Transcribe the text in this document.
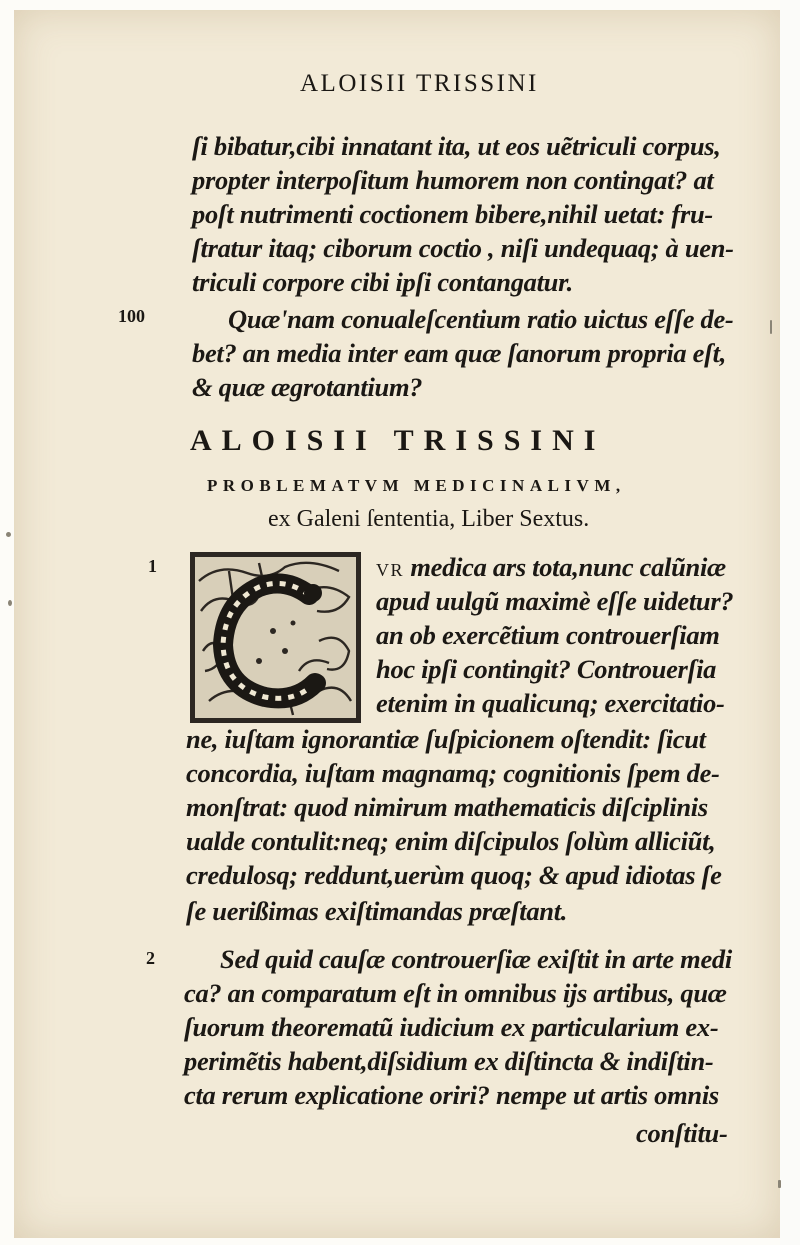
ALOISII TRISSINI
ſi bibatur,cibi innatant ita, ut eos uẽtriculi corpus,
propter interpoſitum humorem non contingat? at
poſt nutrimenti coctionem bibere,nihil uetat: fru-
ſtratur itaq; ciborum coctio , niſi undequaq; à uen-
triculi corpore cibi ipſi contangatur.
100	Quæ'nam conualeſcentium ratio uictus eſſe de-
bet? an media inter eam quæ ſanorum propria eſt,
& quæ ægrotantium?
ALOISII TRISSINI
PROBLEMATVM MEDICINALIVM,
ex Galeni ſententia, Liber Sextus.
1	VR medica ars tota,nunc calũniæ
apud uulgũ maximè eſſe uidetur?
an ob exercẽtium controuerſiam
hoc ipſi contingit? Controuerſia
etenim in qualicunq; exercitatio-
ne, iuſtam ignorantiæ ſuſpicionem oſtendit: ſicut
concordia, iuſtam magnamq; cognitionis ſpem de-
monſtrat: quod nimirum mathematicis diſciplinis
ualde contulit:neq; enim diſcipulos ſolùm alliciũt,
credulosq; reddunt,uerùm quoq; & apud idiotas ſe
ſe uerißimas exiſtimandas præſtant.
2 Sed quid cauſæ controuerſiæ exiſtit in arte medi
ca? an comparatum eſt in omnibus ijs artibus, quæ
ſuorum theorematũ iudicium ex particularium ex-
perimẽtis habent,diſsidium ex diſtincta & indiſtin-
cta rerum explicatione oriri? nempe ut artis omnis
conſtitu-
